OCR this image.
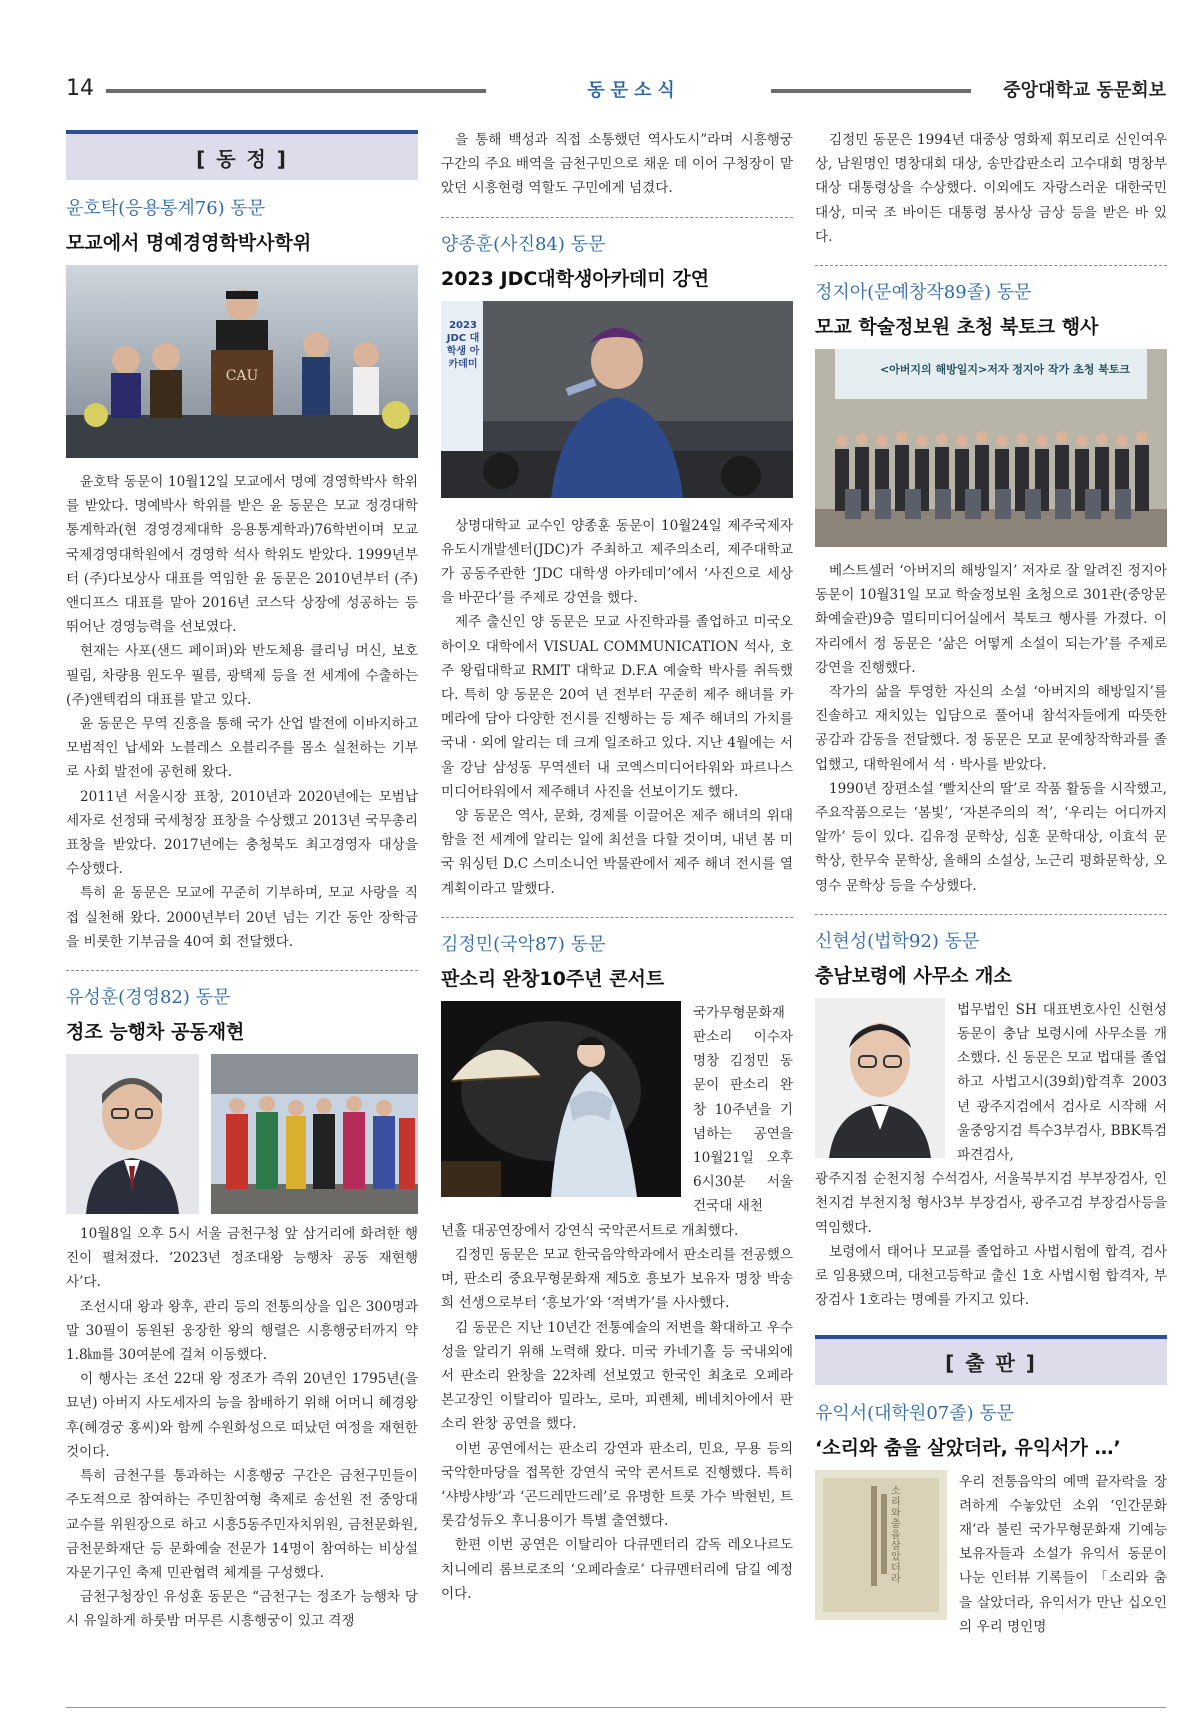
14	동문소식	중앙대학교 동문회보
[ 동 정 ]
윤호탁(응용통계76) 동문
모교에서 명예경영학박사학위
CAU

윤호탁 동문이 10월12일 모교에서 명예 경영학박사 학위를 받았다. 명예박사 학위를 받은 윤 동문은 모교 정경대학 통계학과(현 경영경제대학 응용통계학과)76학번이며 모교 국제경영대학원에서 경영학 석사 학위도 받았다. 1999년부터 (주)다보상사 대표를 역임한 윤 동문은 2010년부터 (주)앤디프스 대표를 맡아 2016년 코스닥 상장에 성공하는 등 뛰어난 경영능력을 선보였다.

현재는 사포(샌드 페이퍼)와 반도체용 클리닝 머신, 보호필림, 차량용 윈도우 필름, 광택제 등을 전 세계에 수출하는 (주)앤텍컴의 대표를 맡고 있다.

윤 동문은 무역 진흥을 통해 국가 산업 발전에 이바지하고 모범적인 납세와 노블레스 오블리주를 몸소 실천하는 기부로 사회 발전에 공헌해 왔다.

2011년 서울시장 표창, 2010년과 2020년에는 모범납세자로 선정돼 국세청장 표창을 수상했고 2013년 국무총리 표창을 받았다. 2017년에는 충청북도 최고경영자 대상을 수상했다.

특히 윤 동문은 모교에 꾸준히 기부하며, 모교 사랑을 직접 실천해 왔다. 2000년부터 20년 넘는 기간 동안 장학금을 비롯한 기부금을 40여 회 전달했다.

유성훈(경영82) 동문
정조 능행차 공동재현

10월8일 오후 5시 서울 금천구청 앞 삼거리에 화려한 행진이 펼쳐졌다. ‘2023년 정조대왕 능행차 공동 재현행사’다.

조선시대 왕과 왕후, 관리 등의 전통의상을 입은 300명과 말 30필이 동원된 웅장한 왕의 행렬은 시흥행궁터까지 약 1.8㎞를 30여분에 걸쳐 이동했다.

이 행사는 조선 22대 왕 정조가 즉위 20년인 1795년(을묘년) 아버지 사도세자의 능을 참배하기 위해 어머니 혜경왕후(혜경궁 홍씨)와 함께 수원화성으로 떠났던 여정을 재현한 것이다.

특히 금천구를 통과하는 시흥행궁 구간은 금천구민들이 주도적으로 참여하는 주민참여형 축제로 송선원 전 중앙대 교수를 위원장으로 하고 시흥5동주민자치위원, 금천문화원, 금천문화재단 등 문화예술 전문가 14명이 참여하는 비상설 자문기구인 축제 민관협력 체계를 구성했다.

금천구청장인 유성훈 동문은 “금천구는 정조가 능행차 당시 유일하게 하룻밤 머무른 시흥행궁이 있고 격쟁

을 통해 백성과 직접 소통했던 역사도시”라며 시흥행궁 구간의 주요 배역을 금천구민으로 채운 데 이어 구청장이 맡았던 시흥현령 역할도 구민에게 넘겼다.

양종훈(사진84) 동문
2023 JDC대학생아카데미 강연
2023 JDC 대학생 아카데미

상명대학교 교수인 양종훈 동문이 10월24일 제주국제자유도시개발센터(JDC)가 주최하고 제주의소리, 제주대학교가 공동주관한 ‘JDC 대학생 아카데미’에서 ‘사진으로 세상을 바꾼다’를 주제로 강연을 했다.

제주 출신인 양 동문은 모교 사진학과를 졸업하고 미국오하이오 대학에서 VISUAL COMMUNICATION 석사, 호주 왕립대학교 RMIT 대학교 D.F.A 예술학 박사를 취득했다. 특히 양 동문은 20여 년 전부터 꾸준히 제주 해녀를 카메라에 담아 다양한 전시를 진행하는 등 제주 해녀의 가치를 국내 · 외에 알리는 데 크게 일조하고 있다. 지난 4월에는 서울 강남 삼성동 무역센터 내 코엑스미디어타워와 파르나스미디어타워에서 제주해녀 사진을 선보이기도 했다.

양 동문은 역사, 문화, 경제를 이끌어온 제주 해녀의 위대함을 전 세계에 알리는 일에 최선을 다할 것이며, 내년 봄 미국 워싱턴 D.C 스미소니언 박물관에서 제주 해녀 전시를 열 계획이라고 말했다.

김정민(국악87) 동문
판소리 완창10주년 콘서트

국가무형문화재 판소리 이수자 명창 김정민 동문이 판소리 완창 10주년을 기념하는 공연을 10월21일 오후6시30분 서울 건국대 새천

년홀 대공연장에서 강연식 국악콘서트로 개최했다.

김정민 동문은 모교 한국음악학과에서 판소리를 전공했으며, 판소리 중요무형문화재 제5호 흥보가 보유자 명창 박송희 선생으로부터 ‘흥보가’와 ‘적벽가’를 사사했다.

김 동문은 지난 10년간 전통예술의 저변을 확대하고 우수성을 알리기 위해 노력해 왔다. 미국 카네기홀 등 국내외에서 판소리 완창을 22차례 선보였고 한국인 최초로 오페라 본고장인 이탈리아 밀라노, 로마, 피렌체, 베네치아에서 판소리 완창 공연을 했다.

이번 공연에서는 판소리 강연과 판소리, 민요, 무용 등의 국악한마당을 접목한 강연식 국악 콘서트로 진행했다. 특히 ‘샤방샤방’과 ‘곤드레만드레’로 유명한 트롯 가수 박현빈, 트롯감성듀오 후니용이가 특별 출연했다.

한편 이번 공연은 이탈리아 다큐멘터리 감독 레오나르도 치니에리 롬브로조의 ‘오페라솔로’ 다큐멘터리에 담길 예정이다.

김정민 동문은 1994년 대중상 영화제 휘모리로 신인여우상, 남원명인 명창대회 대상, 송만갑판소리 고수대회 명창부 대상 대통령상을 수상했다. 이외에도 자랑스러운 대한국민대상, 미국 조 바이든 대통령 봉사상 금상 등을 받은 바 있다.

정지아(문예창작89졸) 동문
모교 학술정보원 초청 북토크 행사
<아버지의 해방일지>저자 정지아 작가 초청 북토크

베스트셀러 ‘아버지의 해방일지’ 저자로 잘 알려진 정지아 동문이 10월31일 모교 학술정보원 초청으로 301관(중앙문화예술관)9층 멀티미디어실에서 북토크 행사를 가졌다. 이 자리에서 정 동문은 ‘삶은 어떻게 소설이 되는가’를 주제로 강연을 진행했다.

작가의 삶을 투영한 자신의 소설 ‘아버지의 해방일지’를 진솔하고 재치있는 입담으로 풀어내 참석자들에게 따뜻한 공감과 감동을 전달했다. 정 동문은 모교 문예창작학과를 졸업했고, 대학원에서 석 · 박사를 받았다.

1990년 장편소설 ‘빨치산의 딸’로 작품 활동을 시작했고, 주요작품으로는 ‘봄빛’, ‘자본주의의 적’, ‘우리는 어디까지 알까’ 등이 있다. 김유정 문학상, 심훈 문학대상, 이효석 문학상, 한무숙 문학상, 올해의 소설상, 노근리 평화문학상, 오영수 문학상 등을 수상했다.

신현성(법학92) 동문
충남보령에 사무소 개소

법무법인 SH 대표변호사인 신현성 동문이 충남 보령시에 사무소를 개소했다. 신 동문은 모교 법대를 졸업하고 사법고시(39회)합격후 2003년 광주지검에서 검사로 시작해 서울중앙지검 특수3부검사, BBK특검파견검사,

광주지점 순천지청 수석검사, 서울북부지검 부부장검사, 인천지검 부천지청 형사3부 부장검사, 광주고검 부장검사등을 역임했다.

보령에서 태어나 모교를 졸업하고 사법시험에 합격, 검사로 임용됐으며, 대천고등학교 출신 1호 사법시험 합격자, 부장검사 1호라는 명예를 가지고 있다.

[ 출 판 ]
유익서(대학원07졸) 동문
‘소리와 춤을 살았더라, 유익서가 …’
소리와 춤을 살았더라

우리 전통음악의 예맥 끝자락을 장려하게 수놓았던 소위 ‘인간문화재’라 불린 국가무형문화재 기예능보유자들과 소설가 유익서 동문이 나눈 인터뷰 기록들이 「소리와 춤을 살았더라, 유익서가 만난 십오인의 우리 명인명
